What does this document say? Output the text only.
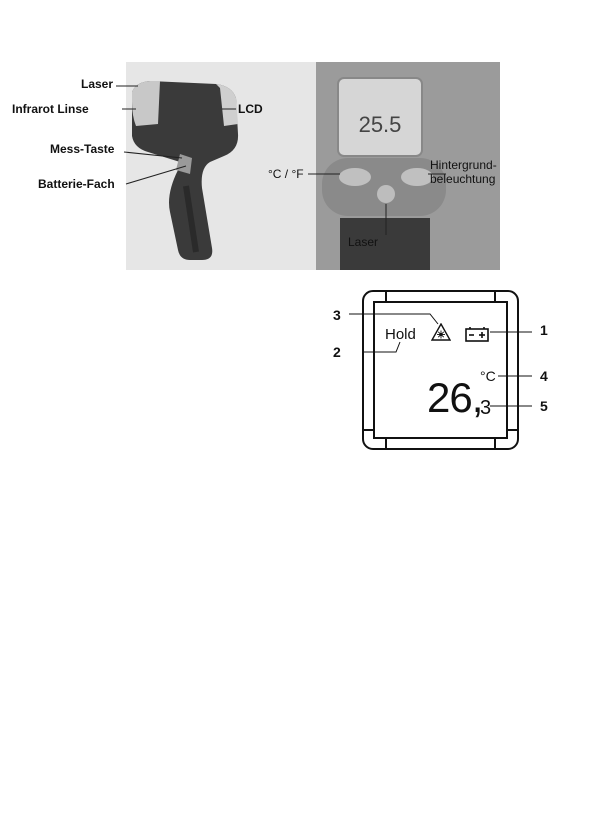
25.5
Laser
Infrarot Linse	LCD
Mess-Taste
Batterie-Fach
°C / °F
Hintergrund-
beleuchtung
Laser
Hold
°C
26,
3
1
2
3
4
5
